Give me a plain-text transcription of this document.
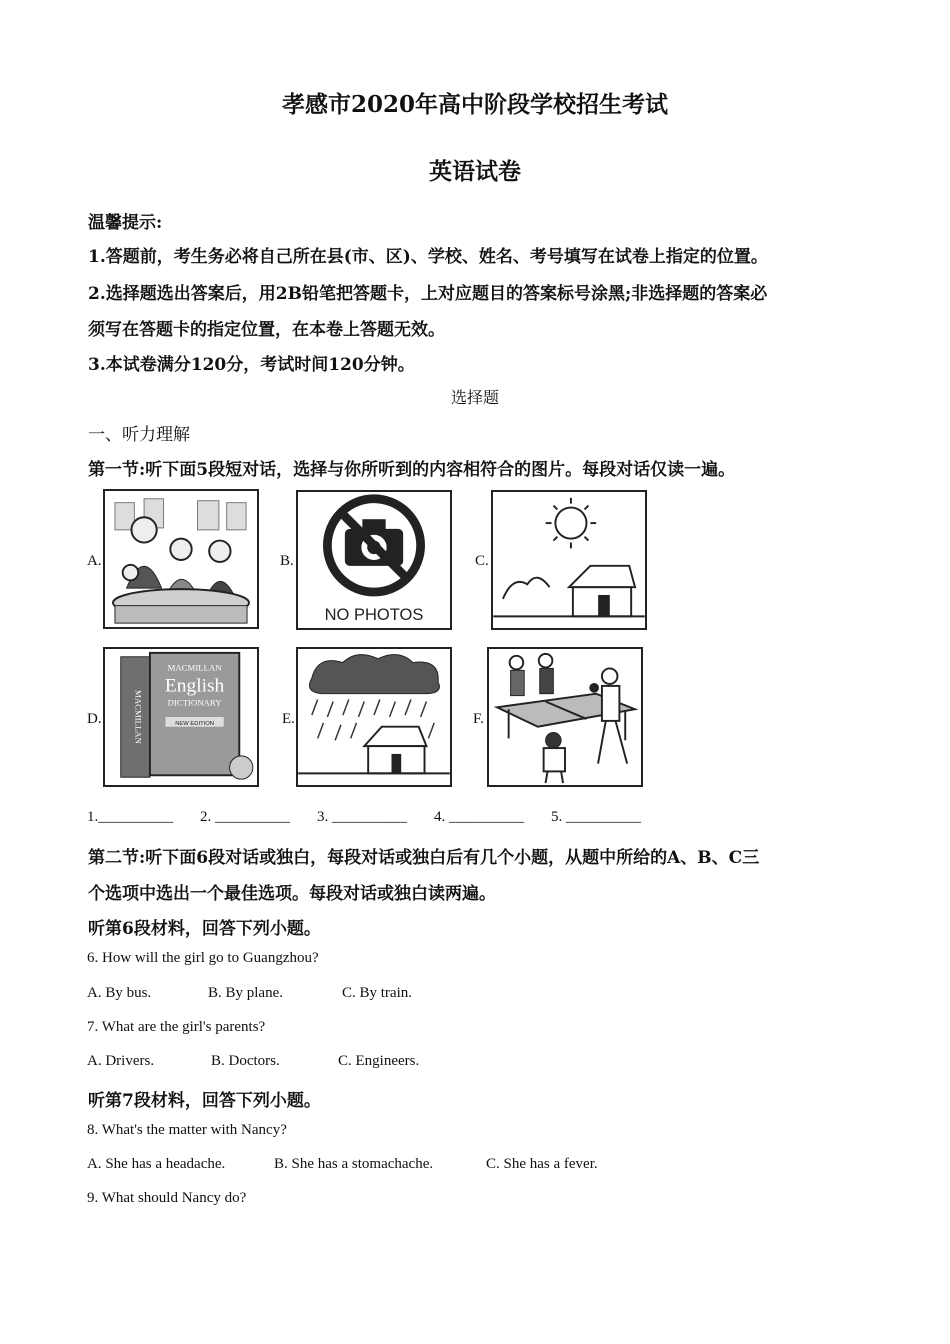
孝感市2020年高中阶段学校招生考试
英语试卷
温馨提示:
1.答题前，考生务必将自己所在县(市、区)、学校、姓名、考号填写在试卷上指定的位置。
2.选择题选出答案后，用2B铅笔把答题卡，上对应题目的答案标号涂黑;非选择题的答案必
须写在答题卡的指定位置，在本卷上答题无效。
3.本试卷满分120分，考试时间120分钟。
选择题
一、听力理解
第一节:听下面5段短对话，选择与你所听到的内容相符合的图片。每段对话仅读一遍。
A.	B.
NO PHOTOS
C.
D.
MACMILLAN
English
DICTIONARY
NEW EDITION
MACMILLAN	E.	F.
1.__________ 2. __________ 3. __________ 4. __________ 5. __________
第二节:听下面6段对话或独白，每段对话或独白后有几个小题，从题中所给的A、B、C三
个选项中选出一个最佳选项。每段对话或独白读两遍。
听第6段材料，回答下列小题。
6. How will the girl go to Guangzhou?
A. By bus.	B. By plane.	C. By train.
7. What are the girl's parents?
A. Drivers.	B. Doctors.	C. Engineers.
听第7段材料，回答下列小题。
8. What's the matter with Nancy?
A. She has a headache.	B. She has a stomachache.	C. She has a fever.
9. What should Nancy do?
